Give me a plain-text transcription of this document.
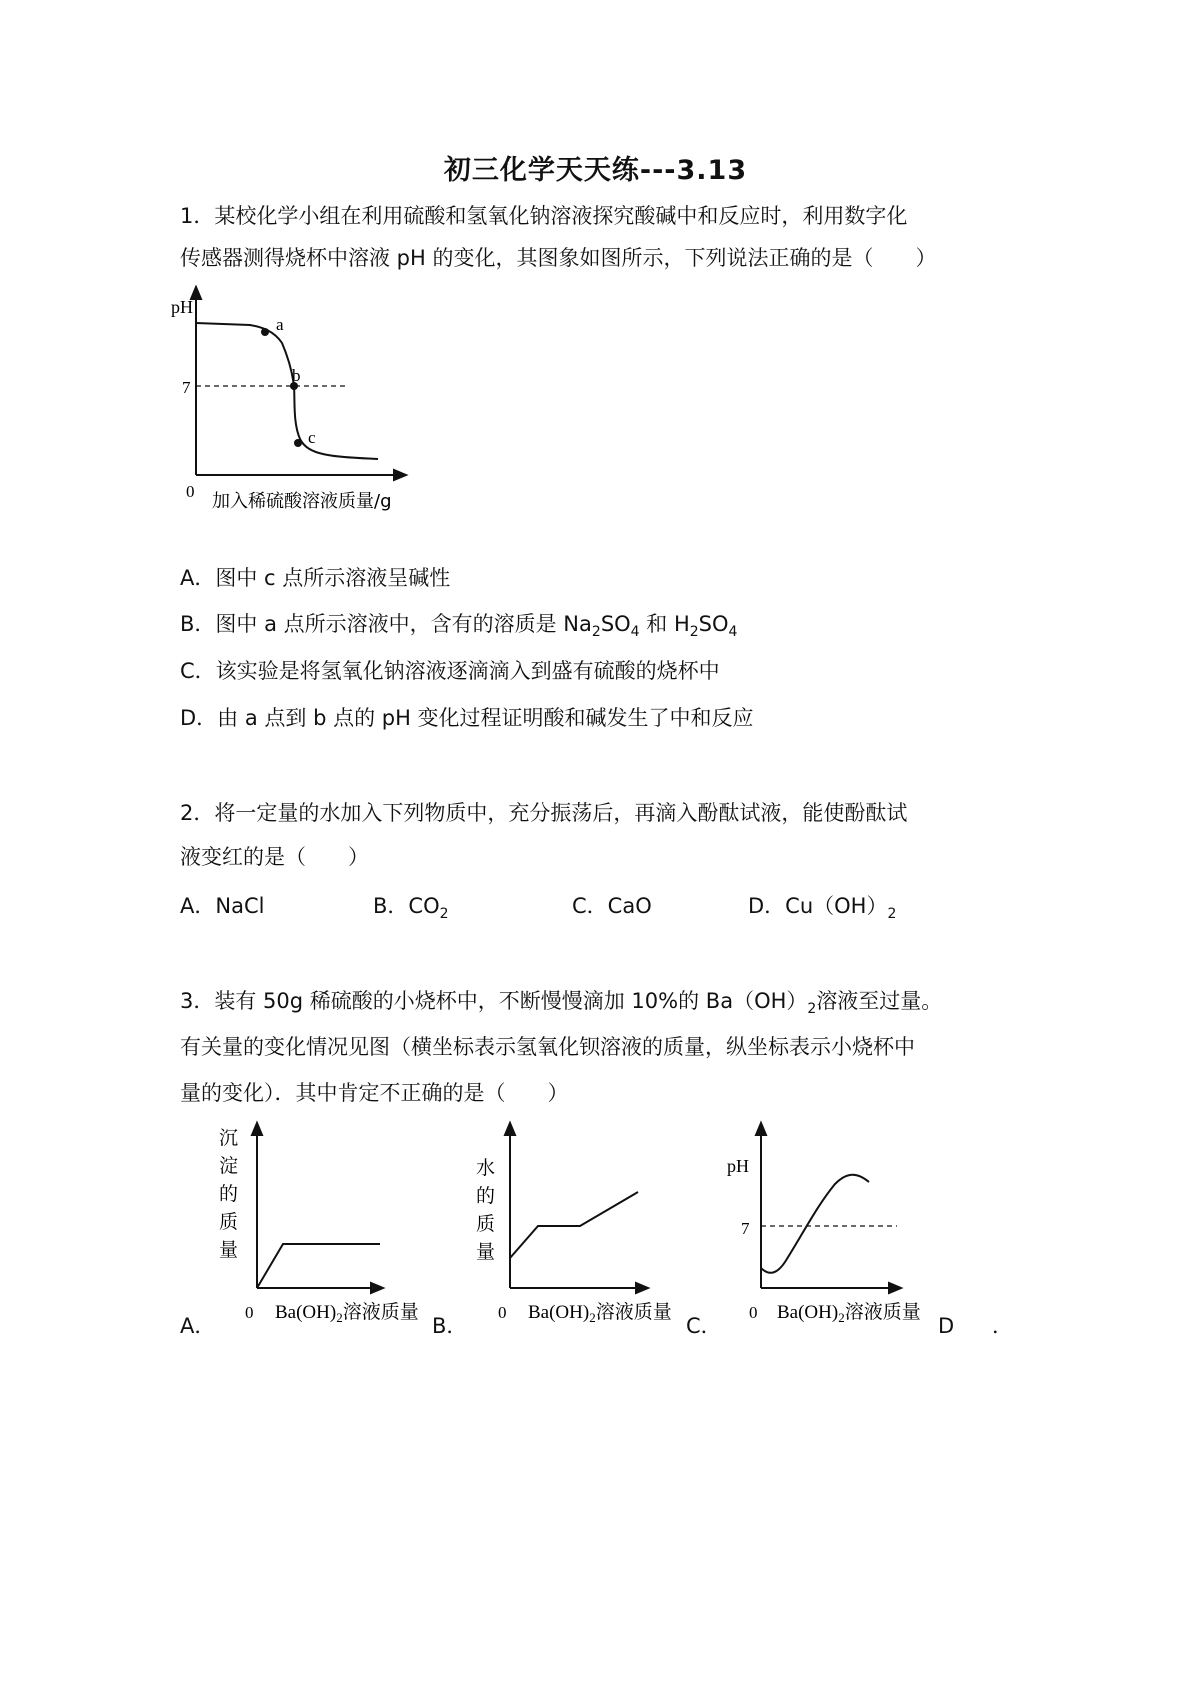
初三化学天天练---3.13
1．某校化学小组在利用硫酸和氢氧化钠溶液探究酸碱中和反应时，利用数字化
传感器测得烧杯中溶液 pH 的变化，其图象如图所示，下列说法正确的是（　　）
pH
7
0
a
b
c
加入稀硫酸溶液质量/g
A．图中 c 点所示溶液呈碱性
B．图中 a 点所示溶液中，含有的溶质是 $Na_2SO_4$ 和 $H_2SO_4$
C．该实验是将氢氧化钠溶液逐滴滴入到盛有硫酸的烧杯中
D．由 a 点到 b 点的 pH 变化过程证明酸和碱发生了中和反应
2．将一定量的水加入下列物质中，充分振荡后，再滴入酚酞试液，能使酚酞试
液变红的是（　　）
A．NaCl	B．$CO_2$	C．CaO	D．$Cu(OH)_2$
3．装有 50g 稀硫酸的小烧杯中，不断慢慢滴加 10%的 $Ba(OH)_2$溶液至过量。
有关量的变化情况见图（横坐标表示氢氧化钡溶液的质量，纵坐标表示小烧杯中
量的变化）．其中肯定不正确的是（　　）
沉
淀
的
质
量
0 $Ba(OH)_2$溶液质量
水
的
质
量
0 $Ba(OH)_2$溶液质量
pH
7
0 $Ba(OH)_2$溶液质量
A．	B．	C．	D ．
